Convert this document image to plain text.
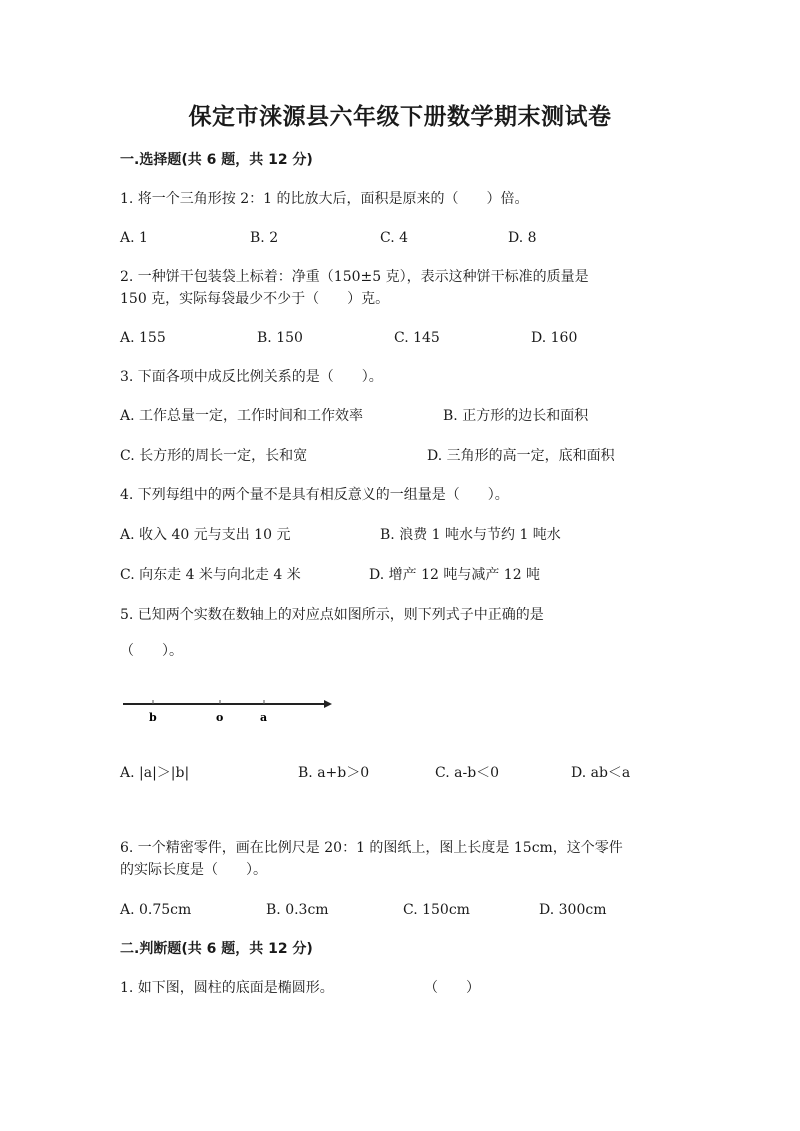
保定市涞源县六年级下册数学期末测试卷
一.选择题(共 6 题，共 12 分)
1. 将一个三角形按 2：1 的比放大后，面积是原来的（　　）倍。
A. 1	B. 2	C. 4	D. 8
2. 一种饼干包装袋上标着：净重（150±5 克），表示这种饼干标准的质量是
150 克，实际每袋最少不少于（　　）克。
A. 155	B. 150	C. 145	D. 160
3. 下面各项中成反比例关系的是（　　）。
A. 工作总量一定，工作时间和工作效率	B. 正方形的边长和面积
C. 长方形的周长一定，长和宽	D. 三角形的高一定，底和面积
4. 下列每组中的两个量不是具有相反意义的一组量是（　　）。
A. 收入 40 元与支出 10 元	B. 浪费 1 吨水与节约 1 吨水
C. 向东走 4 米与向北走 4 米	D. 增产 12 吨与减产 12 吨
5. 已知两个实数在数轴上的对应点如图所示，则下列式子中正确的是
（　　）。
b	o	a
A. |a|＞|b|	B. a+b＞0	C. a-b＜0	D. ab＜a
6. 一个精密零件，画在比例尺是 20：1 的图纸上，图上长度是 15cm，这个零件
的实际长度是（　　）。
A. 0.75cm	B. 0.3cm	C. 150cm	D. 300cm
二.判断题(共 6 题，共 12 分)
1. 如下图，圆柱的底面是椭圆形。	（　　）
